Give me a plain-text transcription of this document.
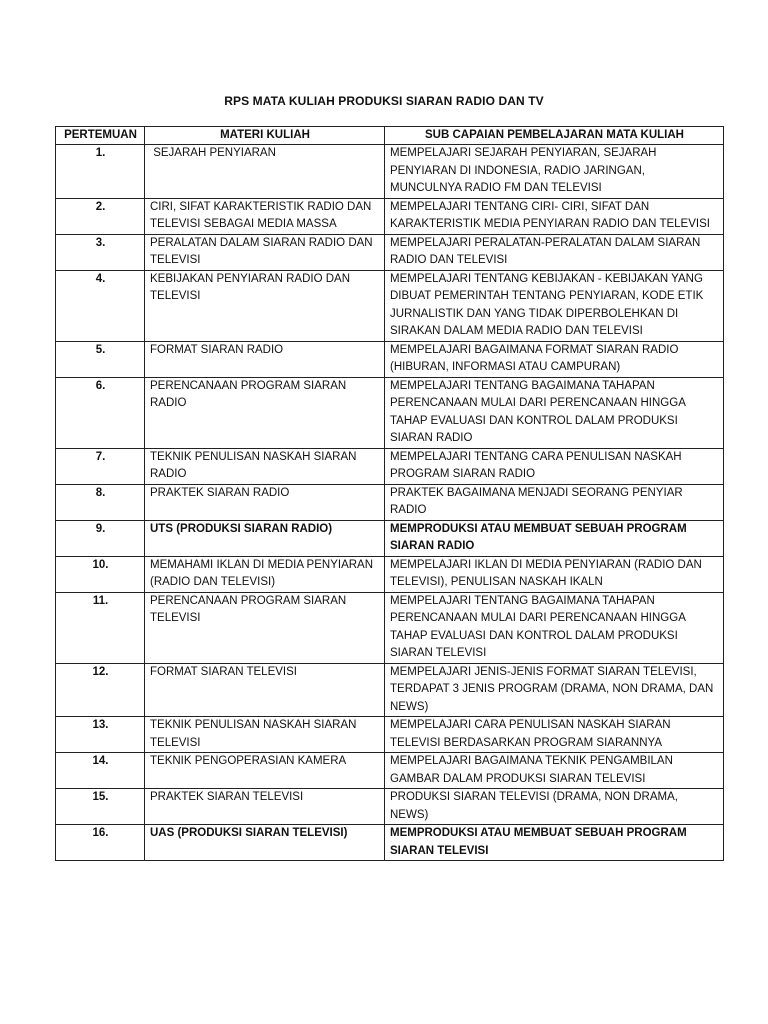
RPS MATA KULIAH PRODUKSI SIARAN RADIO DAN TV
PERTEMUAN	MATERI KULIAH	SUB CAPAIAN PEMBELAJARAN MATA KULIAH
1.	SEJARAH PENYIARAN	MEMPELAJARI SEJARAH PENYIARAN, SEJARAH PENYIARAN DI INDONESIA, RADIO JARINGAN, MUNCULNYA RADIO FM DAN TELEVISI
2.	CIRI, SIFAT KARAKTERISTIK RADIO DAN TELEVISI SEBAGAI MEDIA MASSA	MEMPELAJARI TENTANG CIRI- CIRI, SIFAT DAN KARAKTERISTIK MEDIA PENYIARAN RADIO DAN TELEVISI
3.	PERALATAN DALAM SIARAN RADIO DAN TELEVISI	MEMPELAJARI PERALATAN-PERALATAN DALAM SIARAN RADIO DAN TELEVISI
4.	KEBIJAKAN PENYIARAN RADIO DAN TELEVISI	MEMPELAJARI TENTANG KEBIJAKAN - KEBIJAKAN YANG DIBUAT PEMERINTAH TENTANG PENYIARAN, KODE ETIK JURNALISTIK DAN YANG TIDAK DIPERBOLEHKAN DI SIRAKAN DALAM MEDIA RADIO DAN TELEVISI
5.	FORMAT SIARAN RADIO	MEMPELAJARI BAGAIMANA FORMAT SIARAN RADIO (HIBURAN, INFORMASI ATAU CAMPURAN)
6.	PERENCANAAN PROGRAM SIARAN RADIO	MEMPELAJARI TENTANG BAGAIMANA TAHAPAN PERENCANAAN MULAI DARI PERENCANAAN HINGGA TAHAP EVALUASI DAN KONTROL DALAM PRODUKSI SIARAN RADIO
7.	TEKNIK PENULISAN NASKAH SIARAN RADIO	MEMPELAJARI TENTANG CARA PENULISAN NASKAH PROGRAM SIARAN RADIO
8.	PRAKTEK SIARAN RADIO	PRAKTEK BAGAIMANA MENJADI SEORANG PENYIAR RADIO
9.	UTS (PRODUKSI SIARAN RADIO)	MEMPRODUKSI ATAU MEMBUAT SEBUAH PROGRAM SIARAN RADIO
10.	MEMAHAMI IKLAN DI MEDIA PENYIARAN (RADIO DAN TELEVISI)	MEMPELAJARI IKLAN DI MEDIA PENYIARAN (RADIO DAN TELEVISI), PENULISAN NASKAH IKALN
11.	PERENCANAAN PROGRAM SIARAN TELEVISI	MEMPELAJARI TENTANG BAGAIMANA TAHAPAN PERENCANAAN MULAI DARI PERENCANAAN HINGGA TAHAP EVALUASI DAN KONTROL DALAM PRODUKSI SIARAN TELEVISI
12.	FORMAT SIARAN TELEVISI	MEMPELAJARI JENIS-JENIS FORMAT SIARAN TELEVISI, TERDAPAT 3 JENIS PROGRAM (DRAMA, NON DRAMA, DAN NEWS)
13.	TEKNIK PENULISAN NASKAH SIARAN TELEVISI	MEMPELAJARI CARA PENULISAN NASKAH SIARAN TELEVISI BERDASARKAN PROGRAM SIARANNYA
14.	TEKNIK PENGOPERASIAN KAMERA	MEMPELAJARI BAGAIMANA TEKNIK PENGAMBILAN GAMBAR DALAM PRODUKSI SIARAN TELEVISI
15.	PRAKTEK SIARAN TELEVISI	PRODUKSI SIARAN TELEVISI (DRAMA, NON DRAMA, NEWS)
16.	UAS (PRODUKSI SIARAN TELEVISI)	MEMPRODUKSI ATAU MEMBUAT SEBUAH PROGRAM SIARAN TELEVISI
